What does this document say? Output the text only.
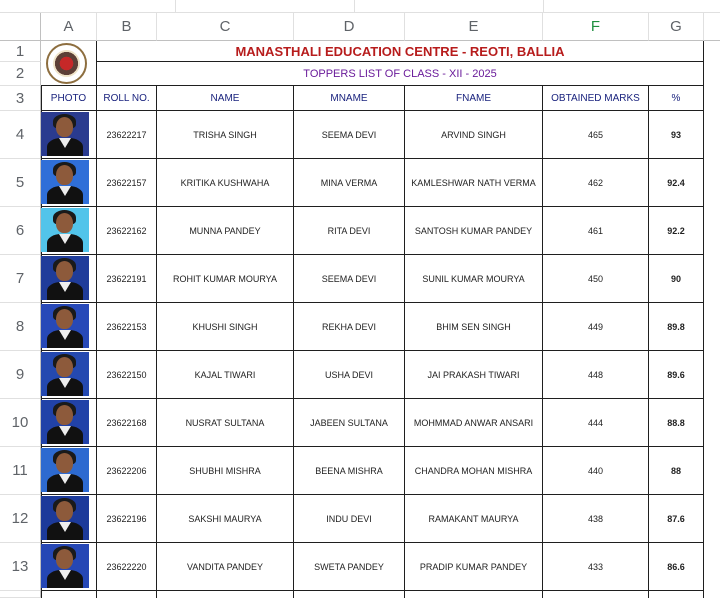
A	B	C	D	E	F	G
1
2
3
4
5
6
7
8
9
10
11
12
13
MANASTHALI EDUCATION CENTRE - REOTI, BALLIA
TOPPERS LIST OF CLASS - XII - 2025
PHOTO	ROLL NO.	NAME	MNAME	FNAME	OBTAINED MARKS	%
23622217	TRISHA SINGH	SEEMA DEVI	ARVIND SINGH	465	93
23622157	KRITIKA KUSHWAHA	MINA VERMA	KAMLESHWAR NATH VERMA	462	92.4
23622162	MUNNA PANDEY	RITA DEVI	SANTOSH KUMAR PANDEY	461	92.2
23622191	ROHIT KUMAR MOURYA	SEEMA DEVI	SUNIL KUMAR MOURYA	450	90
23622153	KHUSHI SINGH	REKHA DEVI	BHIM SEN SINGH	449	89.8
23622150	KAJAL TIWARI	USHA DEVI	JAI PRAKASH TIWARI	448	89.6
23622168	NUSRAT SULTANA	JABEEN SULTANA	MOHMMAD ANWAR ANSARI	444	88.8
23622206	SHUBHI MISHRA	BEENA MISHRA	CHANDRA MOHAN MISHRA	440	88
23622196	SAKSHI MAURYA	INDU DEVI	RAMAKANT MAURYA	438	87.6
23622220	VANDITA PANDEY	SWETA PANDEY	PRADIP KUMAR PANDEY	433	86.6
